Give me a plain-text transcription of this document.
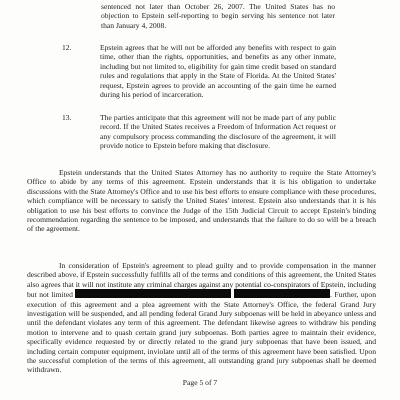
sentenced not later than October 26, 2007. The United States has no objection to Epstein self-reporting to begin serving his sentence not later than January 4, 2008.

12.	Epstein agrees that he will not be afforded any benefits with respect to gain time, other than the rights, opportunities, and benefits as any other inmate, including but not limited to, eligibility for gain time credit based on standard rules and regulations that apply in the State of Florida. At the United States' request, Epstein agrees to provide an accounting of the gain time he earned during his period of incarceration.

13.	The parties anticipate that this agreement will not be made part of any public record. If the United States receives a Freedom of Information Act request or any compulsory process commanding the disclosure of the agreement, it will provide notice to Epstein before making that disclosure.

Epstein understands that the United States Attorney has no authority to require the State Attorney's Office to abide by any terms of this agreement. Epstein understands that it is his obligation to undertake discussions with the State Attorney's Office and to use his best efforts to ensure compliance with these procedures, which compliance will be necessary to satisfy the United States' interest. Epstein also understands that it is his obligation to use his best efforts to convince the Judge of the 15th Judicial Circuit to accept Epstein's binding recommendation regarding the sentence to be imposed, and understands that the failure to do so will be a breach of the agreement.

In consideration of Epstein's agreement to plead guilty and to provide compensation in the manner described above, if Epstein successfully fulfills all of the terms and conditions of this agreement, the United States also agrees that it will not institute any criminal charges against any potential co-conspirators of Epstein, including but not limited	. Further, upon execution of this agreement and a plea agreement with the State Attorney's Office, the federal Grand Jury investigation will be suspended, and all pending federal Grand Jury subpoenas will be held in abeyance unless and until the defendant violates any term of this agreement. The defendant likewise agrees to withdraw his pending motion to intervene and to quash certain grand jury subpoenas. Both parties agree to maintain their evidence, specifically evidence requested by or directly related to the grand jury subpoenas that have been issued, and including certain computer equipment, inviolate until all of the terms of this agreement have been satisfied. Upon the successful completion of the terms of this agreement, all outstanding grand jury subpoenas shall be deemed withdrawn.

Page 5 of 7
